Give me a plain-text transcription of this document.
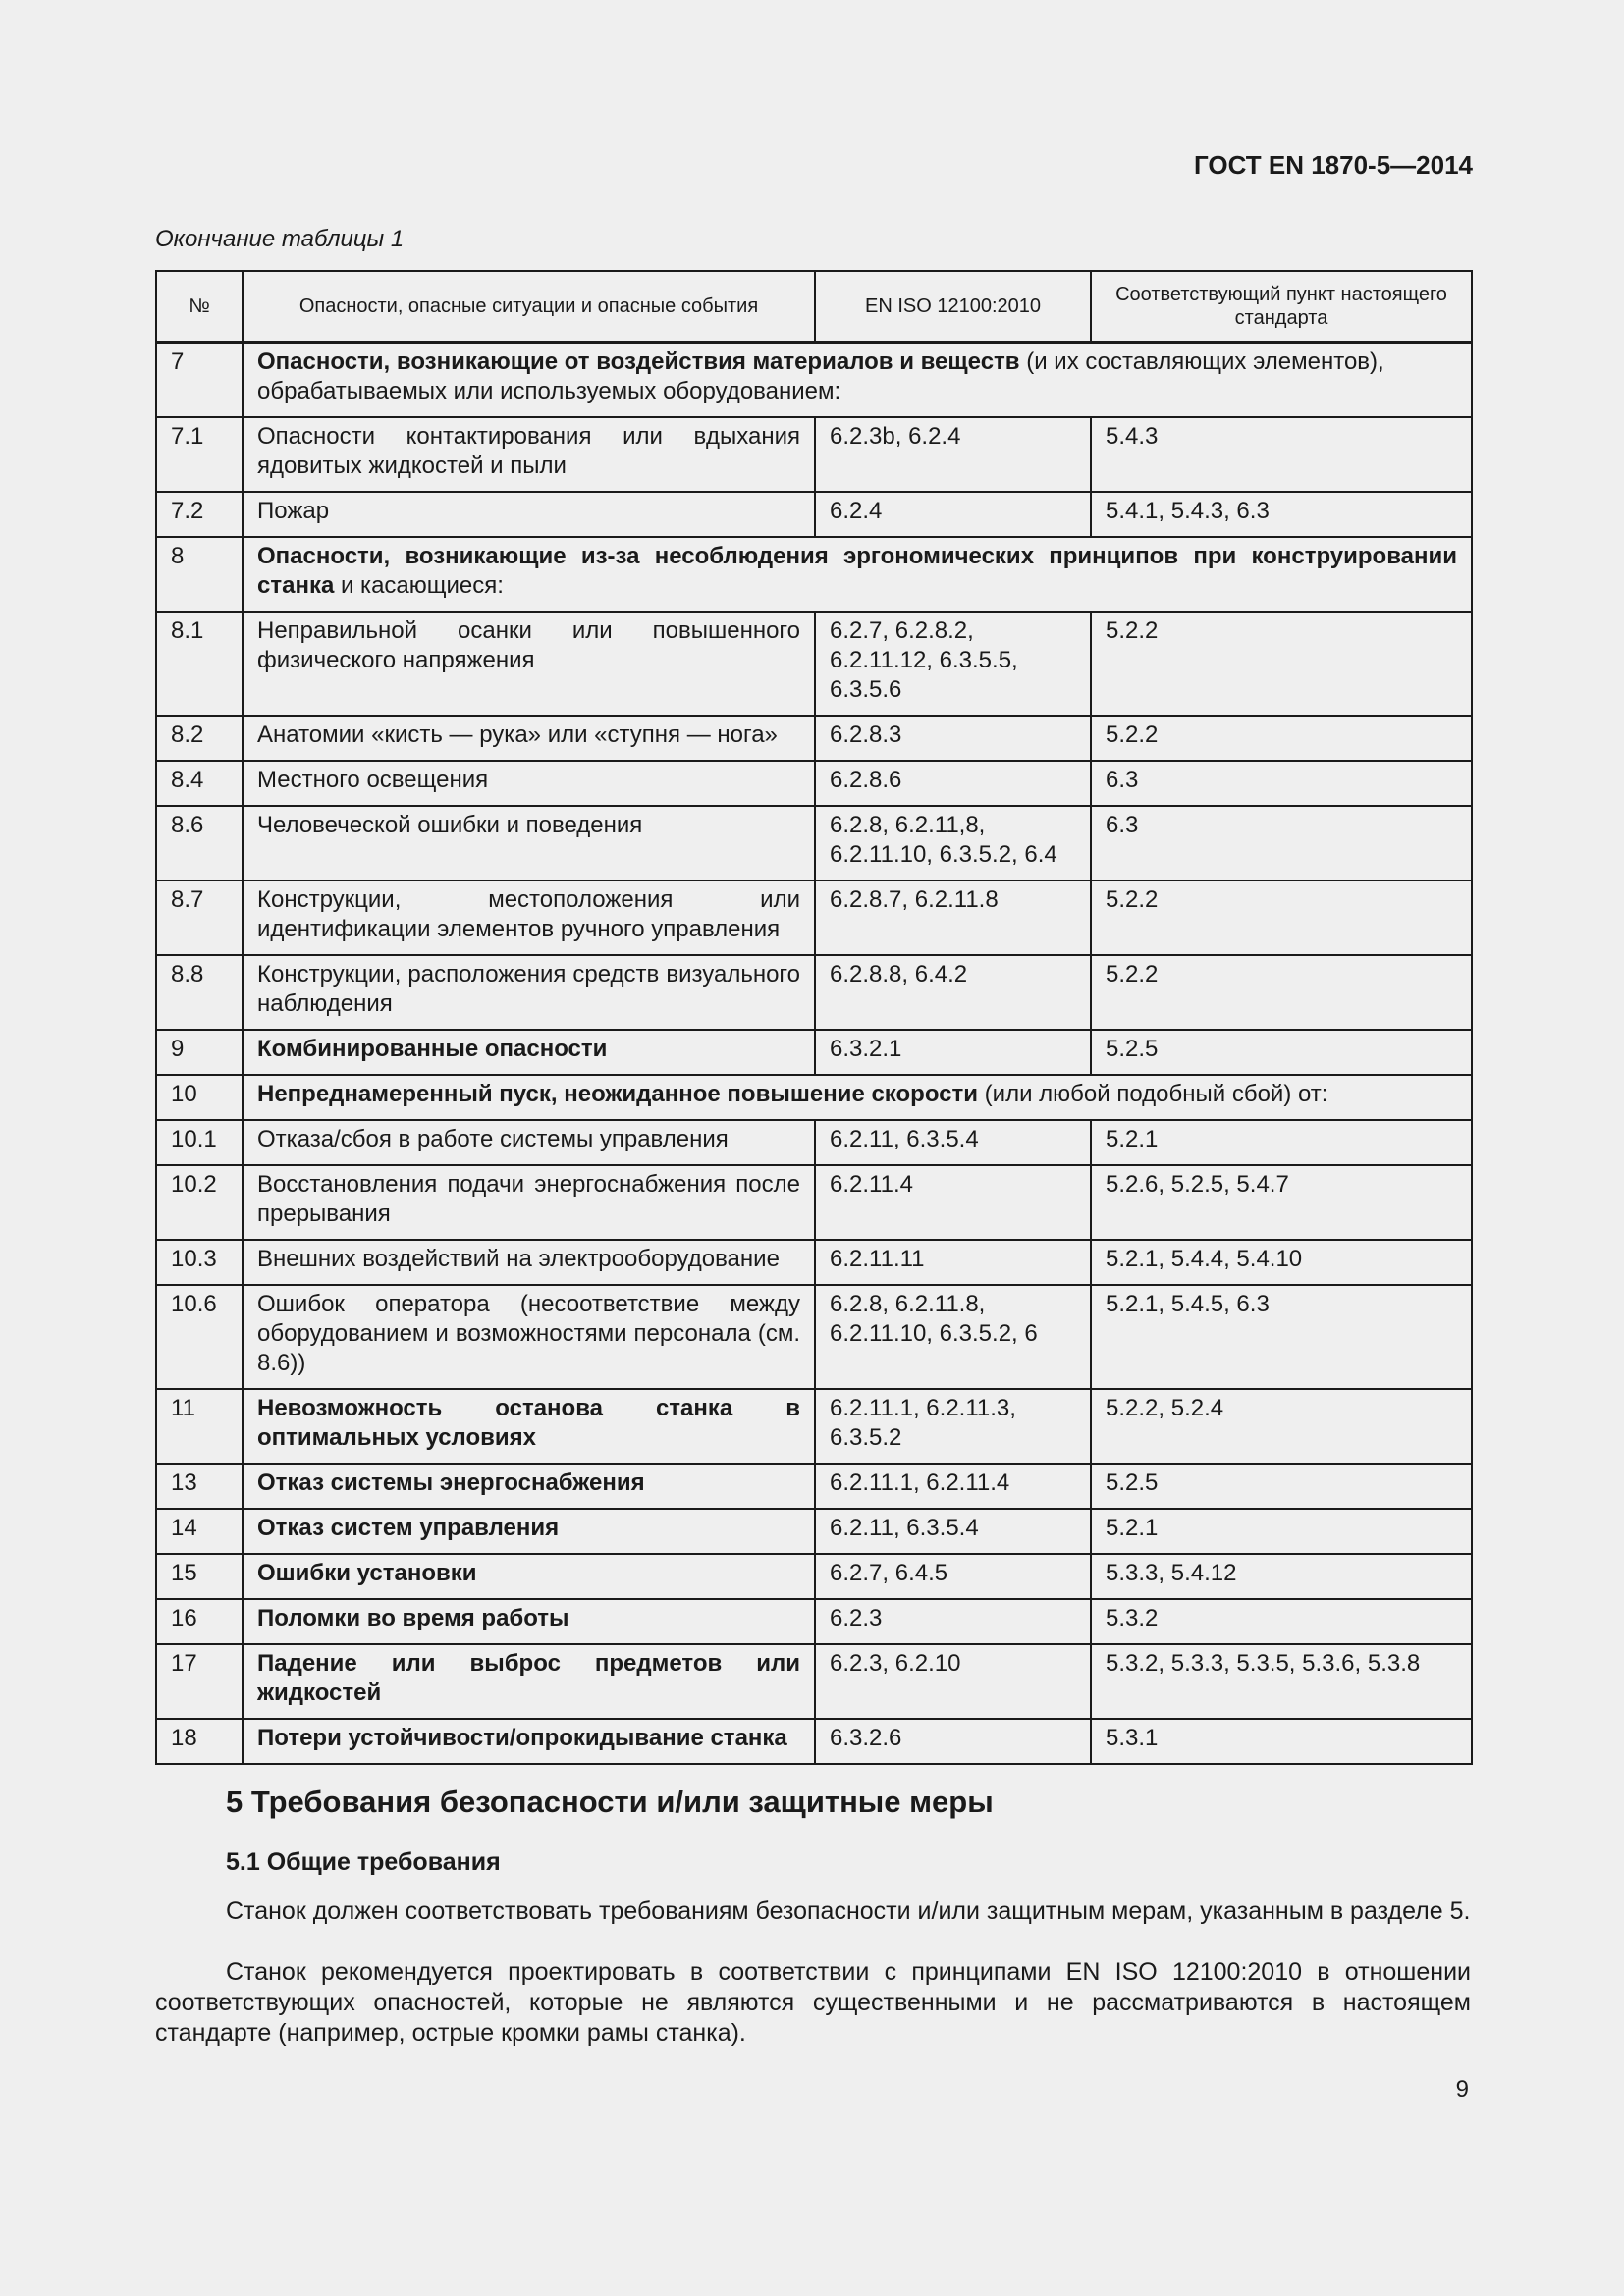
ГОСТ EN 1870-5—2014
Окончание таблицы 1
№	Опасности, опасные ситуации и опасные события	EN ISO 12100:2010	Соответствующий пункт настоящего стандарта
7	Опасности, возникающие от воздействия материалов и веществ (и их составляющих элементов), обрабатываемых или используемых оборудованием:		
7.1	Опасности контактирования или вдыхания ядовитых жидкостей и пыли	6.2.3b, 6.2.4	5.4.3
7.2	Пожар	6.2.4	5.4.1, 5.4.3, 6.3
8	Опасности, возникающие из-за несоблюдения эргономических принципов при конструировании станка и касающиеся:		
8.1	Неправильной осанки или повышенного физического напряжения	6.2.7, 6.2.8.2, 6.2.11.12, 6.3.5.5, 6.3.5.6	5.2.2
8.2	Анатомии «кисть — рука» или «ступня — нога»	6.2.8.3	5.2.2
8.4	Местного освещения	6.2.8.6	6.3
8.6	Человеческой ошибки и поведения	6.2.8, 6.2.11,8, 6.2.11.10, 6.3.5.2, 6.4	6.3
8.7	Конструкции, местоположения или идентификации элементов ручного управления	6.2.8.7, 6.2.11.8	5.2.2
8.8	Конструкции, расположения средств визуального наблюдения	6.2.8.8, 6.4.2	5.2.2
9	Комбинированные опасности	6.3.2.1	5.2.5
10	Непреднамеренный пуск, неожиданное повышение скорости (или любой подобный сбой) от:		
10.1	Отказа/сбоя в работе системы управления	6.2.11, 6.3.5.4	5.2.1
10.2	Восстановления подачи энергоснабжения после прерывания	6.2.11.4	5.2.6, 5.2.5, 5.4.7
10.3	Внешних воздействий на электрооборудование	6.2.11.11	5.2.1, 5.4.4, 5.4.10
10.6	Ошибок оператора (несоответствие между оборудованием и возможностями персонала (см. 8.6))	6.2.8, 6.2.11.8, 6.2.11.10, 6.3.5.2, 6	5.2.1, 5.4.5, 6.3
11	Невозможность останова станка в оптимальных условиях	6.2.11.1, 6.2.11.3, 6.3.5.2	5.2.2, 5.2.4
13	Отказ системы энергоснабжения	6.2.11.1, 6.2.11.4	5.2.5
14	Отказ систем управления	6.2.11, 6.3.5.4	5.2.1
15	Ошибки установки	6.2.7, 6.4.5	5.3.3, 5.4.12
16	Поломки во время работы	6.2.3	5.3.2
17	Падение или выброс предметов или жидкостей	6.2.3, 6.2.10	5.3.2, 5.3.3, 5.3.5, 5.3.6, 5.3.8
18	Потери устойчивости/опрокидывание станка	6.3.2.6	5.3.1
5 Требования безопасности и/или защитные меры
5.1 Общие требования
Станок должен соответствовать требованиям безопасности и/или защитным мерам, указанным в разделе 5.
Станок рекомендуется проектировать в соответствии с принципами EN ISO 12100:2010 в отношении соответствующих опасностей, которые не являются существенными и не рассматриваются в настоящем стандарте (например, острые кромки рамы станка).
9
